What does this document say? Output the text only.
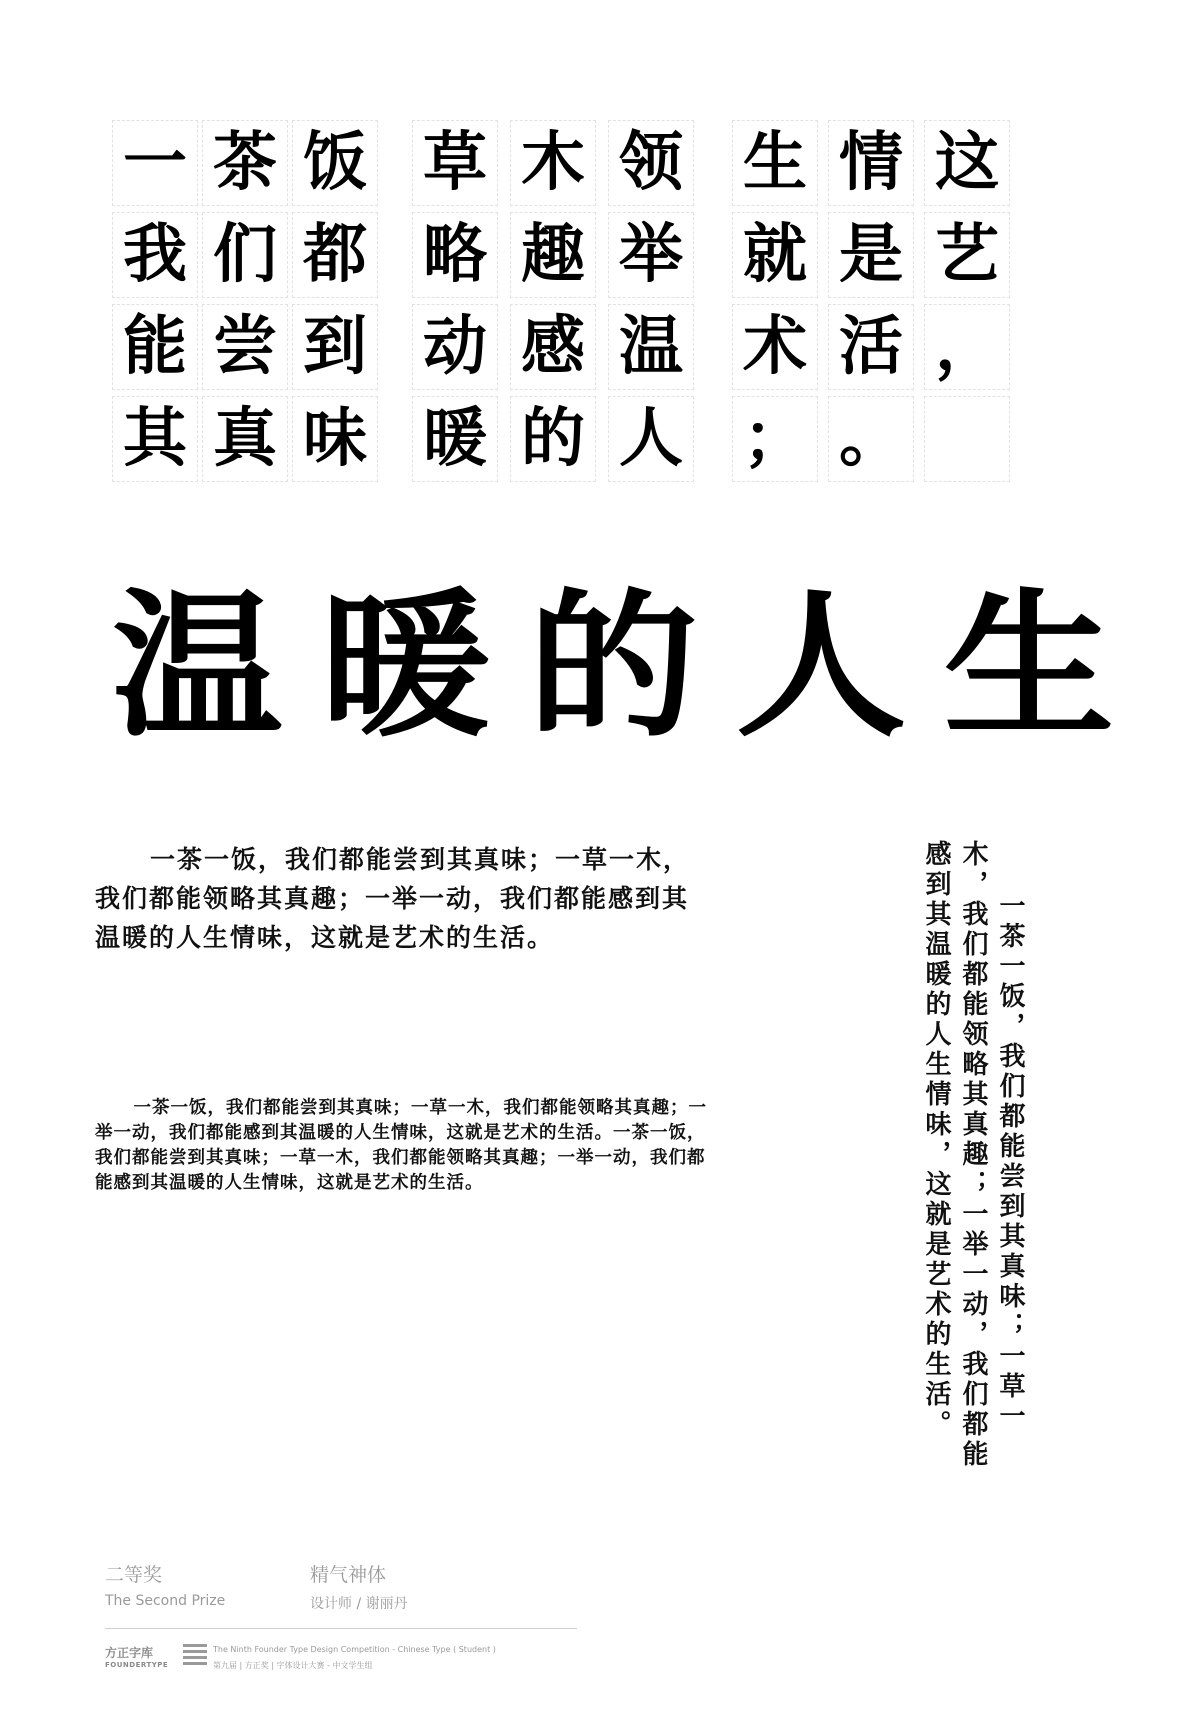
一 茶 饭 草 木 领 生 情 这
我 们 都 略 趣 举 就 是 艺
能 尝 到 动 感 温 术 活 ，
其 真 味 暖 的 人 ； 。
温 暖 的 人 生

一茶一饭，我们都能尝到其真味；一草一木，我们都能领略其真趣；一举一动，我们都能感到其温暖的人生情味，这就是艺术的生活。

一茶一饭，我们都能尝到其真味；一草一木，我们都能领略其真趣；一举一动，我们都能感到其温暖的人生情味，这就是艺术的生活。一茶一饭，我们都能尝到其真味；一草一木，我们都能领略其真趣；一举一动，我们都能感到其温暖的人生情味，这就是艺术的生活。	一茶一饭，我们都能尝到其真味；一草一木，我们都能领略其真趣；一举一动，我们都能感到其温暖的人生情味，这就是艺术的生活。

二等奖
The Second Prize
精气神体
设计师 / 谢丽丹
方正字库
FOUNDERTYPE
The Ninth Founder Type Design Competition - Chinese Type ( Student )
第九届 | 方正奖 | 字体设计大赛 - 中文学生组
